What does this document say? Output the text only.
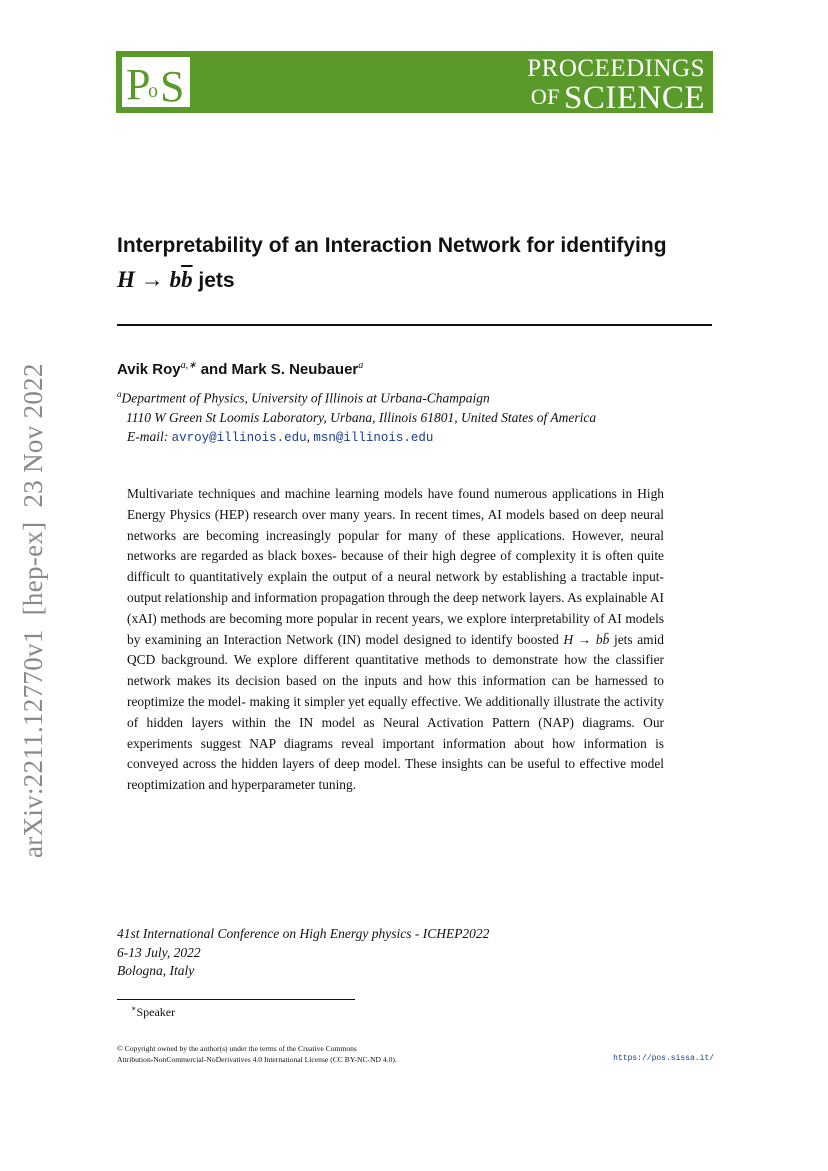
P
o S	PROCEEDINGS
OF SCIENCE
arXiv:2211.12770v1[hep-ex]23 Nov 2022
Interpretability of an Interaction Network for identifying
$H \to b\overline{b}$ jets
Avik Roy$^{a,∗}$ and Mark S. Neubauer$^a$
$^a$Department of Physics, University of Illinois at Urbana-Champaign
1110 W Green St Loomis Laboratory, Urbana, Illinois 61801, United States of America
E-mail: avroy@illinois.edu, msn@illinois.edu
Multivariate techniques and machine learning models have found numerous applications in High Energy Physics (HEP) research over many years. In recent times, AI models based on deep neural networks are becoming increasingly popular for many of these applications. However, neural networks are regarded as black boxes- because of their high degree of complexity it is often quite difficult to quantitatively explain the output of a neural network by establishing a tractable input-output relationship and information propagation through the deep network layers. As explainable AI (xAI) methods are becoming more popular in recent years, we explore interpretability of AI models by examining an Interaction Network (IN) model designed to identify boosted H → bb̄ jets amid QCD background. We explore different quantitative methods to demonstrate how the classifier network makes its decision based on the inputs and how this information can be harnessed to reoptimize the model- making it simpler yet equally effective. We additionally illustrate the activity of hidden layers within the IN model as Neural Activation Pattern (NAP) diagrams. Our experiments suggest NAP diagrams reveal important information about how information is conveyed across the hidden layers of deep model. These insights can be useful to effective model reoptimization and hyperparameter tuning.
41st International Conference on High Energy physics - ICHEP2022
6-13 July, 2022
Bologna, Italy
∗Speaker
© Copyright owned by the author(s) under the terms of the Creative Commons
Attribution-NonCommercial-NoDerivatives 4.0 International License (CC BY-NC-ND 4.0).	https://pos.sissa.it/
